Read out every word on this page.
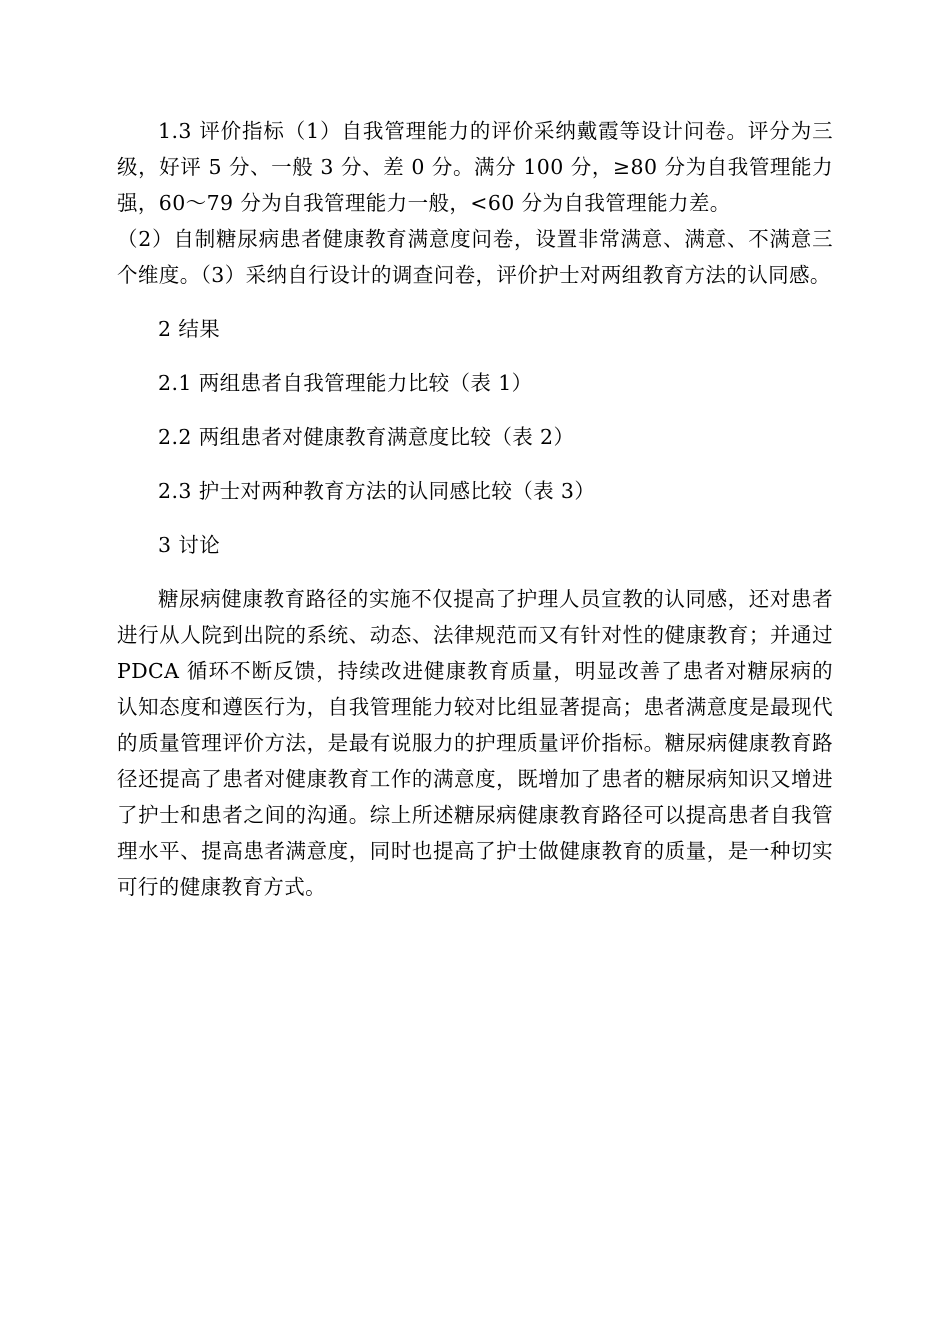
1.3 评价指标（1）自我管理能力的评价采纳戴霞等设计问卷。评分为三级，好评 5 分、一般 3 分、差 0 分。满分 100 分，≥80 分为自我管理能力强，60～79 分为自我管理能力一般，<60 分为自我管理能力差。

（2）自制糖尿病患者健康教育满意度问卷，设置非常满意、满意、不满意三个维度。（3）采纳自行设计的调查问卷，评价护士对两组教育方法的认同感。

2 结果

2.1 两组患者自我管理能力比较（表 1）

2.2 两组患者对健康教育满意度比较（表 2）

2.3 护士对两种教育方法的认同感比较（表 3）

3 讨论

糖尿病健康教育路径的实施不仅提高了护理人员宣教的认同感，还对患者进行从人院到出院的系统、动态、法律规范而又有针对性的健康教育；并通过 PDCA 循环不断反馈，持续改进健康教育质量，明显改善了患者对糖尿病的认知态度和遵医行为，自我管理能力较对比组显著提高；患者满意度是最现代的质量管理评价方法，是最有说服力的护理质量评价指标。糖尿病健康教育路径还提高了患者对健康教育工作的满意度，既增加了患者的糖尿病知识又增进了护士和患者之间的沟通。综上所述糖尿病健康教育路径可以提高患者自我管理水平、提高患者满意度，同时也提高了护士做健康教育的质量，是一种切实可行的健康教育方式。
